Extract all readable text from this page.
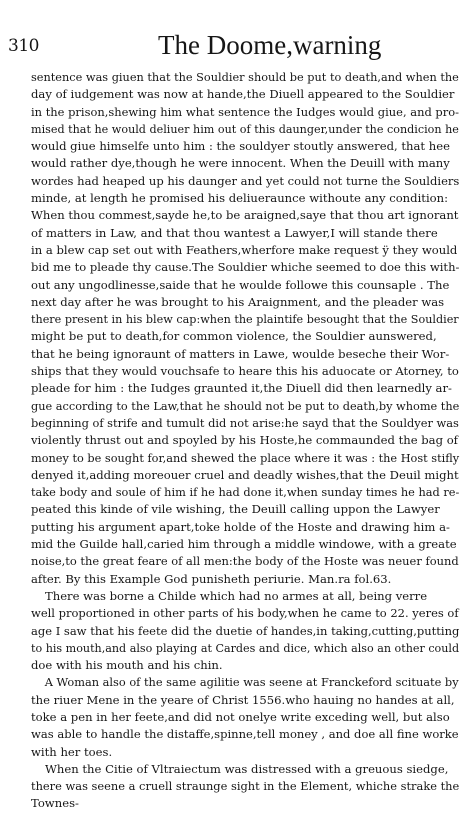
310	The Doome,warning
sentence was giuen that the Souldier should be put to death,and when the
day of iudgement was now at hande,the Diuell appeared to the Souldier
in the prison,shewing him what sentence the Iudges would giue, and pro-
mised that he would deliuer him out of this daunger,under the condicion he
would giue himselfe unto him : the souldyer stoutly answered, that hee
would rather dye,though he were innocent. When the Deuill with many
wordes had heaped up his daunger and yet could not turne the Souldiers
minde, at length he promised his deliueraunce withoute any condition:
When thou commest,sayde he,to be araigned,saye that thou art ignorant
of matters in Law, and that thou wantest a Lawyer,I will stande there
in a blew cap set out with Feathers,wherfore make request ÿ they would
bid me to pleade thy cause.The Souldier whiche seemed to doe this with-
out any ungodlinesse,saide that he woulde followe this counsaple . The
next day after he was brought to his Araignment, and the pleader was
there present in his blew cap:when the plaintife besought that the Souldier
might be put to death,for common violence, the Souldier aunswered,
that he being ignoraunt of matters in Lawe, woulde beseche their Wor-
ships that they would vouchsafe to heare this his aduocate or Atorney, to
pleade for him : the Iudges graunted it,the Diuell did then learnedly ar-
gue according to the Law,that he should not be put to death,by whome the
beginning of strife and tumult did not arise:he sayd that the Souldyer was
violently thrust out and spoyled by his Hoste,he commaunded the bag of
money to be sought for,and shewed the place where it was : the Host stifly
denyed it,adding moreouer cruel and deadly wishes,that the Deuil might
take body and soule of him if he had done it,when sunday times he had re-
peated this kinde of vile wishing, the Deuill calling uppon the Lawyer
putting his argument apart,toke holde of the Hoste and drawing him a-
mid the Guilde hall,caried him through a middle windowe, with a greate
noise,to the great feare of all men:the body of the Hoste was neuer found
after. By this Example God punisheth periurie. Man.ra fol.63.
There was borne a Childe which had no armes at all, being verre
well proportioned in other parts of his body,when he came to 22. yeres of
age I saw that his feete did the duetie of handes,in taking,cutting,putting
to his mouth,and also playing at Cardes and dice, which also an other could
doe with his mouth and his chin.
A Woman also of the same agilitie was seene at Franckeford scituate by
the riuer Mene in the yeare of Christ 1556.who hauing no handes at all,
toke a pen in her feete,and did not onelye write exceding well, but also
was able to handle the distaffe,spinne,tell money , and doe all fine worke
with her toes.
When the Citie of Vltraiectum was distressed with a greuous siedge,
there was seene a cruell straunge sight in the Element, whiche strake the
Townes-
